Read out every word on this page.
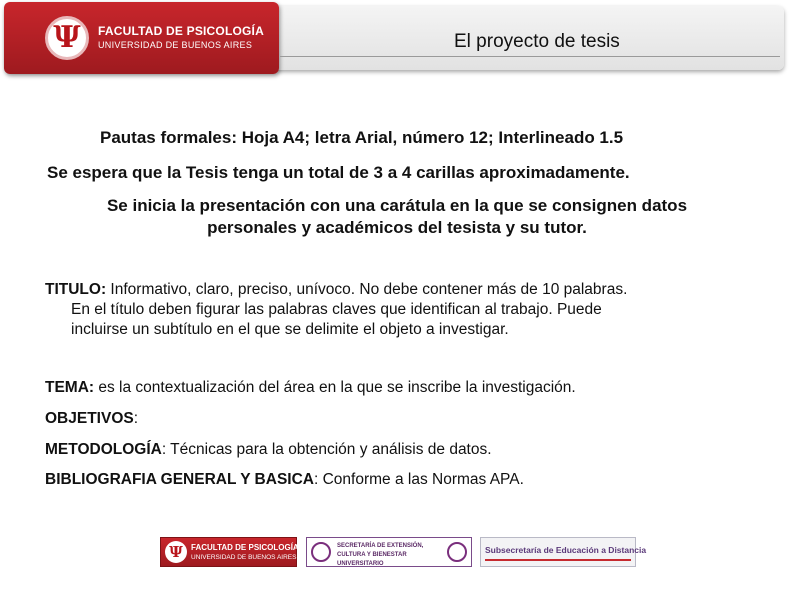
Ψ	FACULTAD DE PSICOLOGÍA
UNIVERSIDAD DE BUENOS AIRES	El proyecto de tesis
Pautas formales: Hoja A4; letra Arial, número 12; Interlineado 1.5
Se espera que la Tesis tenga un total de 3 a 4 carillas aproximadamente.
Se inicia la presentación con una carátula en la que se consignen datos
personales y académicos del tesista y su tutor.
TITULO: Informativo, claro, preciso, unívoco. No debe contener más de 10 palabras.
En el título deben figurar las palabras claves que identifican al trabajo. Puede
incluirse un subtítulo en el que se delimite el objeto a investigar.
TEMA: es la contextualización del área en la que se inscribe la investigación.
OBJETIVOS:
METODOLOGÍA: Técnicas para la obtención y análisis de datos.
BIBLIOGRAFIA GENERAL Y BASICA: Conforme a las Normas APA.
Ψ	FACULTAD DE PSICOLOGÍA
UNIVERSIDAD DE BUENOS AIRES
SECRETARÍA DE EXTENSIÓN, CULTURA Y BIENESTAR UNIVERSITARIO
Subsecretaría de Educación a Distancia
